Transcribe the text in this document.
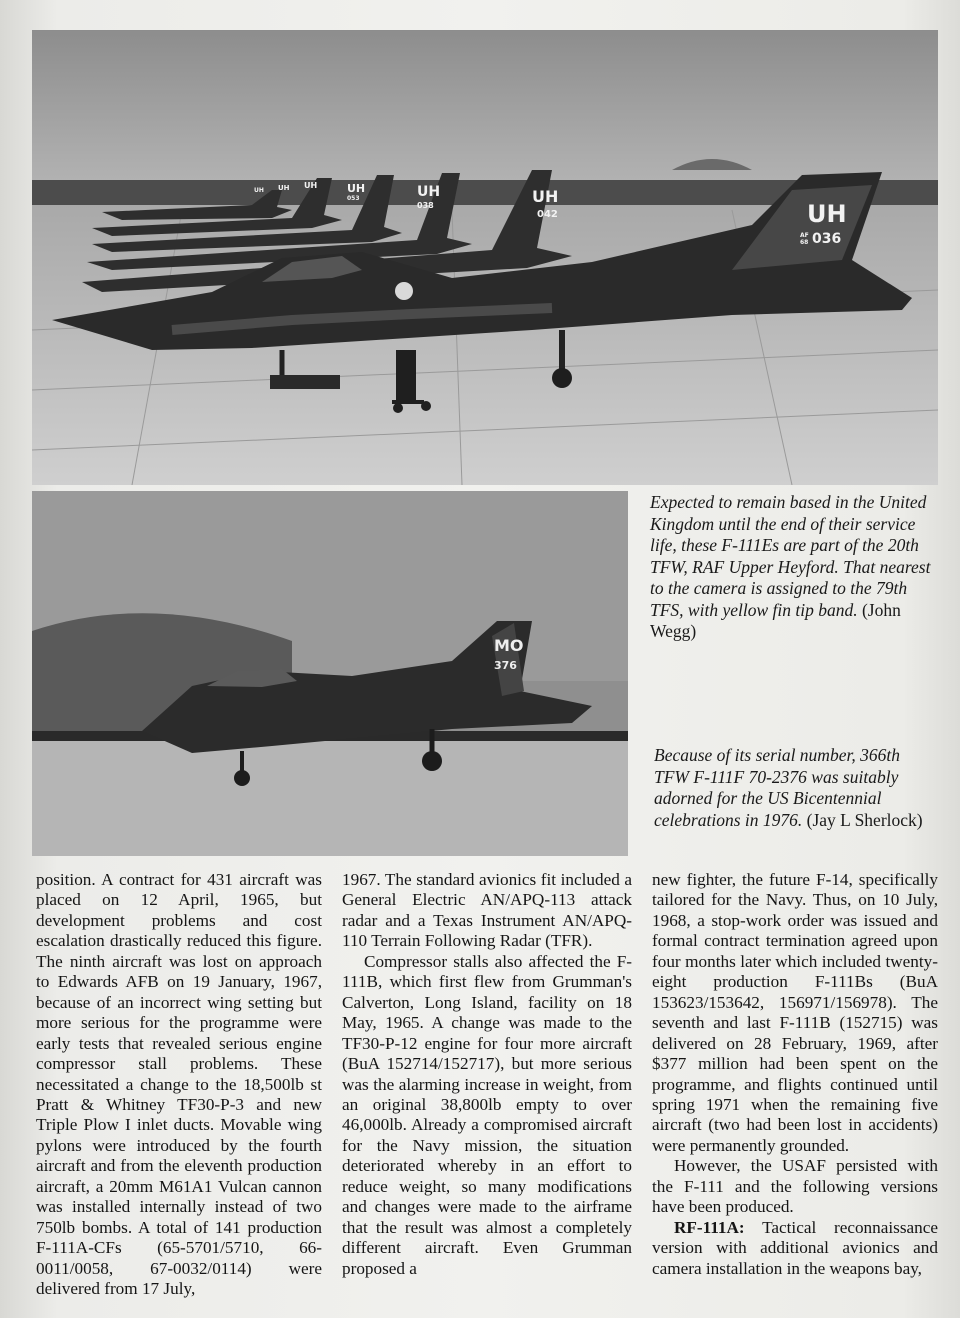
UH
AF
68 036
UH
042
UH
038
UH
053
UH
UH
UH
MO
376
Expected to remain based in the United Kingdom until the end of their service life, these F-111Es are part of the 20th TFW, RAF Upper Heyford. That nearest to the camera is assigned to the 79th TFS, with yellow fin tip band. (John Wegg)
Because of its serial number, 366th TFW F-111F 70-2376 was suitably adorned for the US Bicentennial celebrations in 1976. (Jay L Sherlock)

position. A contract for 431 aircraft was placed on 12 April, 1965, but development problems and cost escalation drastically reduced this figure. The ninth aircraft was lost on approach to Edwards AFB on 19 January, 1967, because of an incorrect wing setting but more serious for the programme were early tests that revealed serious engine compressor stall problems. These necessitated a change to the 18,500lb st Pratt & Whitney TF30-P-3 and new Triple Plow I inlet ducts. Movable wing pylons were introduced by the fourth aircraft and from the eleventh production aircraft, a 20mm M61A1 Vulcan cannon was installed internally instead of two 750lb bombs. A total of 141 production F-111A-CFs (65-5701/5710, 66-0011/0058, 67-0032/0114) were delivered from 17 July,

1967. The standard avionics fit included a General Electric AN/APQ-113 attack radar and a Texas Instrument AN/APQ-110 Terrain Following Radar (TFR).

Compressor stalls also affected the F-111B, which first flew from Grumman's Calverton, Long Island, facility on 18 May, 1965. A change was made to the TF30-P-12 engine for four more aircraft (BuA 152714/152717), but more serious was the alarming increase in weight, from an original 38,800lb empty to over 46,000lb. Already a compromised aircraft for the Navy mission, the situation deteriorated whereby in an effort to reduce weight, so many modifications and changes were made to the airframe that the result was almost a completely different aircraft. Even Grumman proposed a

new fighter, the future F-14, specifically tailored for the Navy. Thus, on 10 July, 1968, a stop-work order was issued and formal contract termination agreed upon four months later which included twenty-eight production F-111Bs (BuA 153623/153642, 156971/156978). The seventh and last F-111B (152715) was delivered on 28 February, 1969, after $377 million had been spent on the programme, and flights continued until spring 1971 when the remaining five aircraft (two had been lost in accidents) were permanently grounded.

However, the USAF persisted with the F-111 and the following versions have been produced.

RF-111A: Tactical reconnaissance version with additional avionics and camera installation in the weapons bay,
